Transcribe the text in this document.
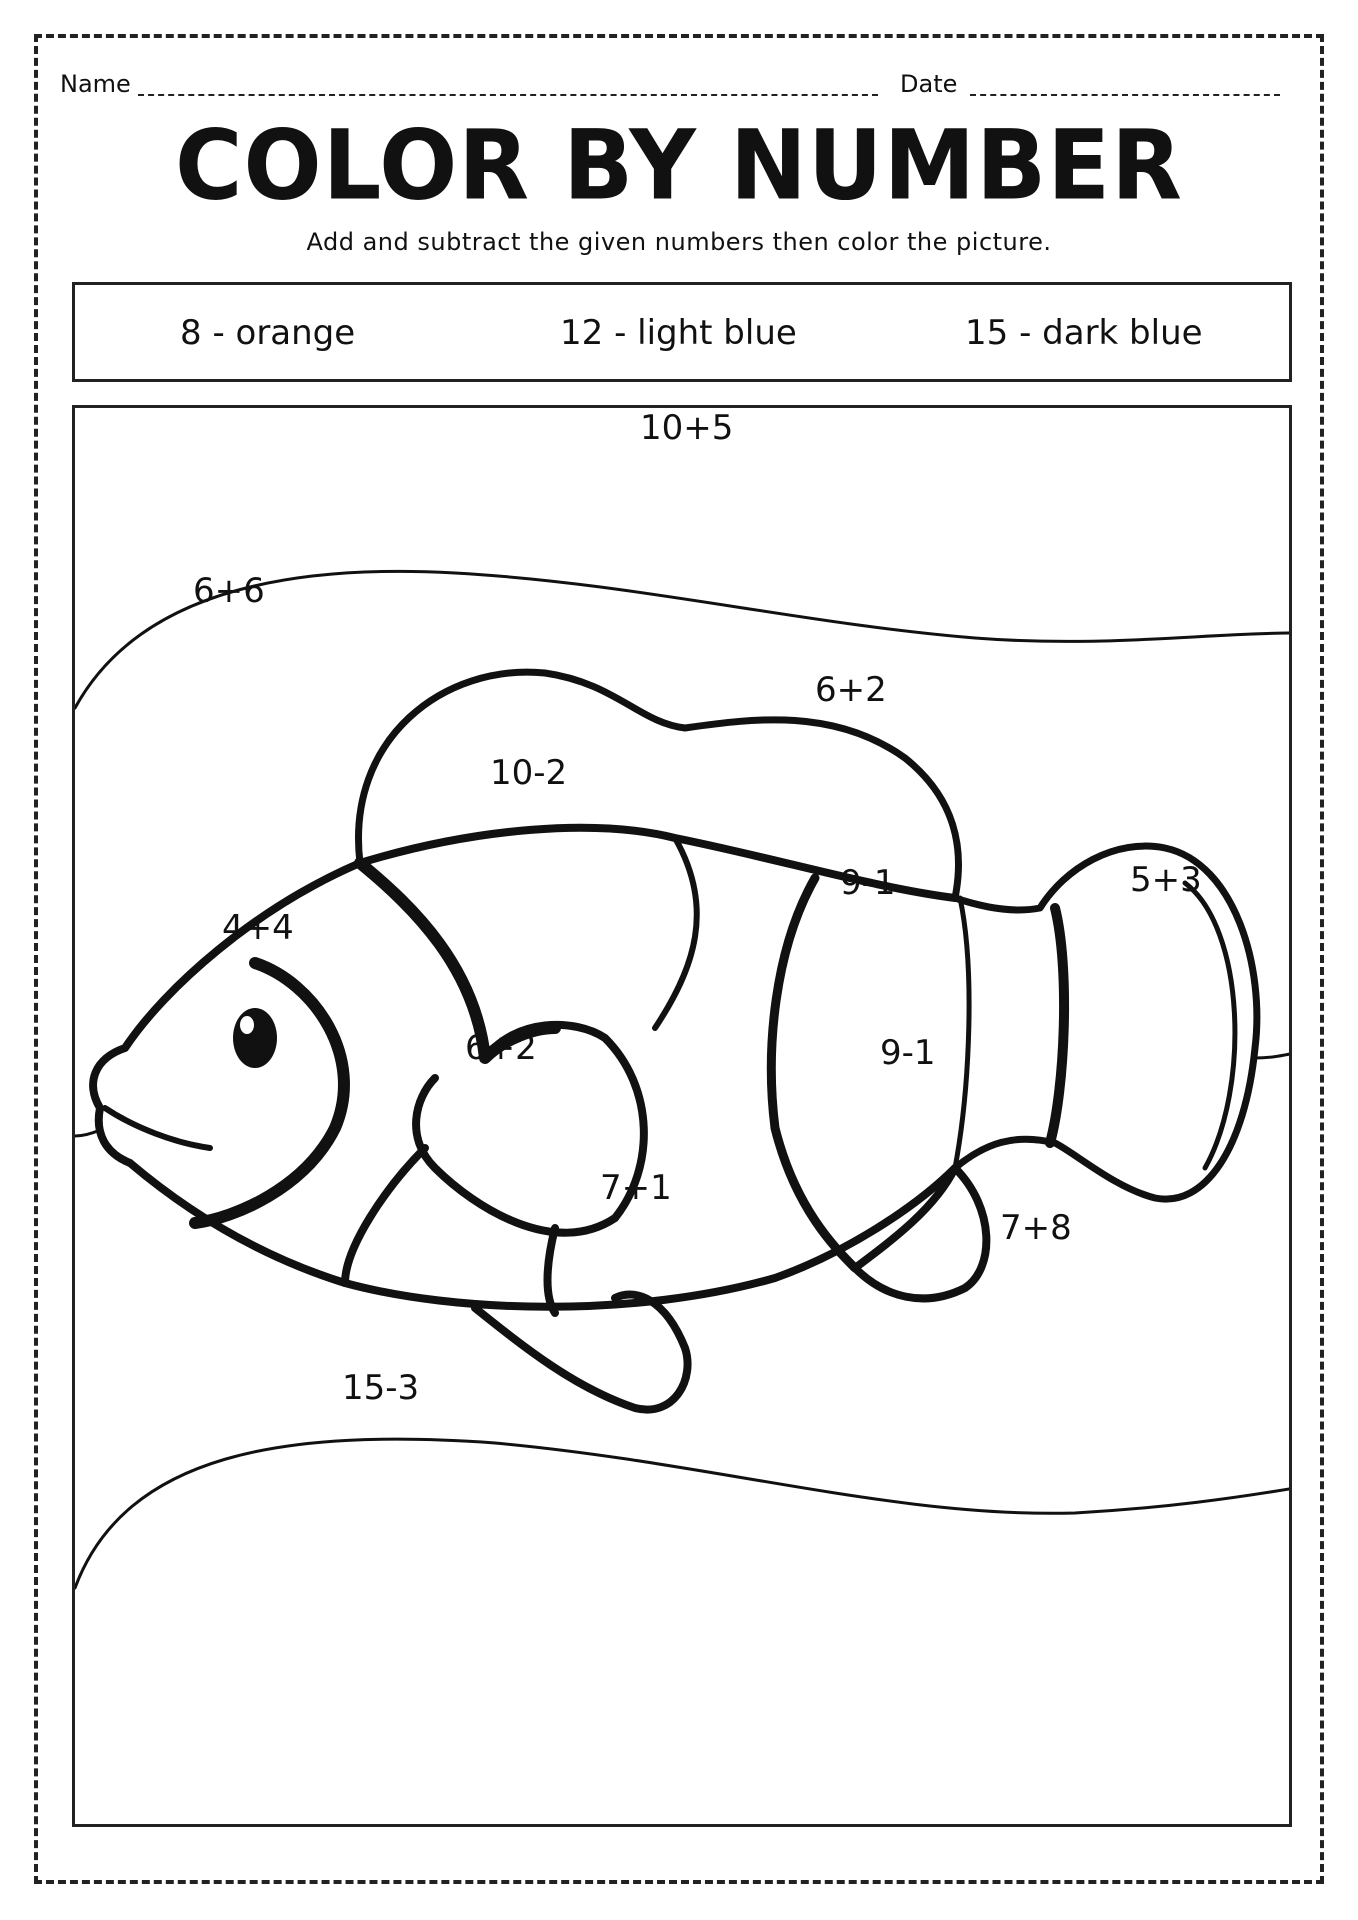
Name	Date
COLOR BY NUMBER
Add and subtract the given numbers then color the picture.
8 - orange	12 - light blue	15 - dark blue
10+5
6+6
6+2
10-2
4+4
9-1	5+3
6+2	9-1
7+1
7+8
15-3
